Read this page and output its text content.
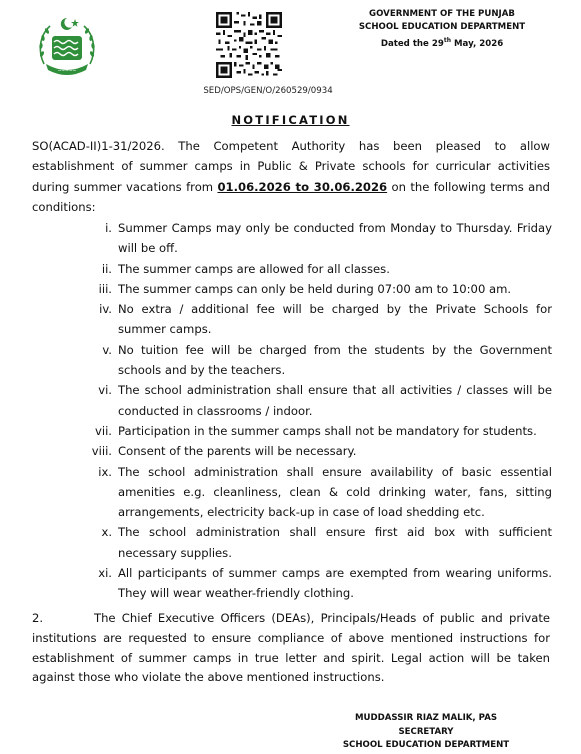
~~~~~
SED/OPS/GEN/O/260529/0934
GOVERNMENT OF THE PUNJAB
SCHOOL EDUCATION DEPARTMENT
Dated the 29th May, 2026
NOTIFICATION

SO(ACAD-II)1-31/2026. The Competent Authority has been pleased to allow establishment of summer camps in Public & Private schools for curricular activities during summer vacations from 01.06.2026 to 30.06.2026 on the following terms and conditions:

i. Summer Camps may only be conducted from Monday to Thursday. Friday will be off.
ii. The summer camps are allowed for all classes.
iii. The summer camps can only be held during 07:00 am to 10:00 am.
iv. No extra / additional fee will be charged by the Private Schools for summer camps.
v. No tuition fee will be charged from the students by the Government schools and by the teachers.
vi. The school administration shall ensure that all activities / classes will be conducted in classrooms / indoor.
vii. Participation in the summer camps shall not be mandatory for students.
viii. Consent of the parents will be necessary.
ix. The school administration shall ensure availability of basic essential amenities e.g. cleanliness, clean & cold drinking water, fans, sitting arrangements, electricity back-up in case of load shedding etc.
x. The school administration shall ensure first aid box with sufficient necessary supplies.
xi. All participants of summer camps are exempted from wearing uniforms. They will wear weather-friendly clothing.

2.	The Chief Executive Officers (DEAs), Principals/Heads of public and private institutions are requested to ensure compliance of above mentioned instructions for establishment of summer camps in true letter and spirit. Legal action will be taken against those who violate the above mentioned instructions.

MUDDASSIR RIAZ MALIK, PAS
SECRETARY
SCHOOL EDUCATION DEPARTMENT
